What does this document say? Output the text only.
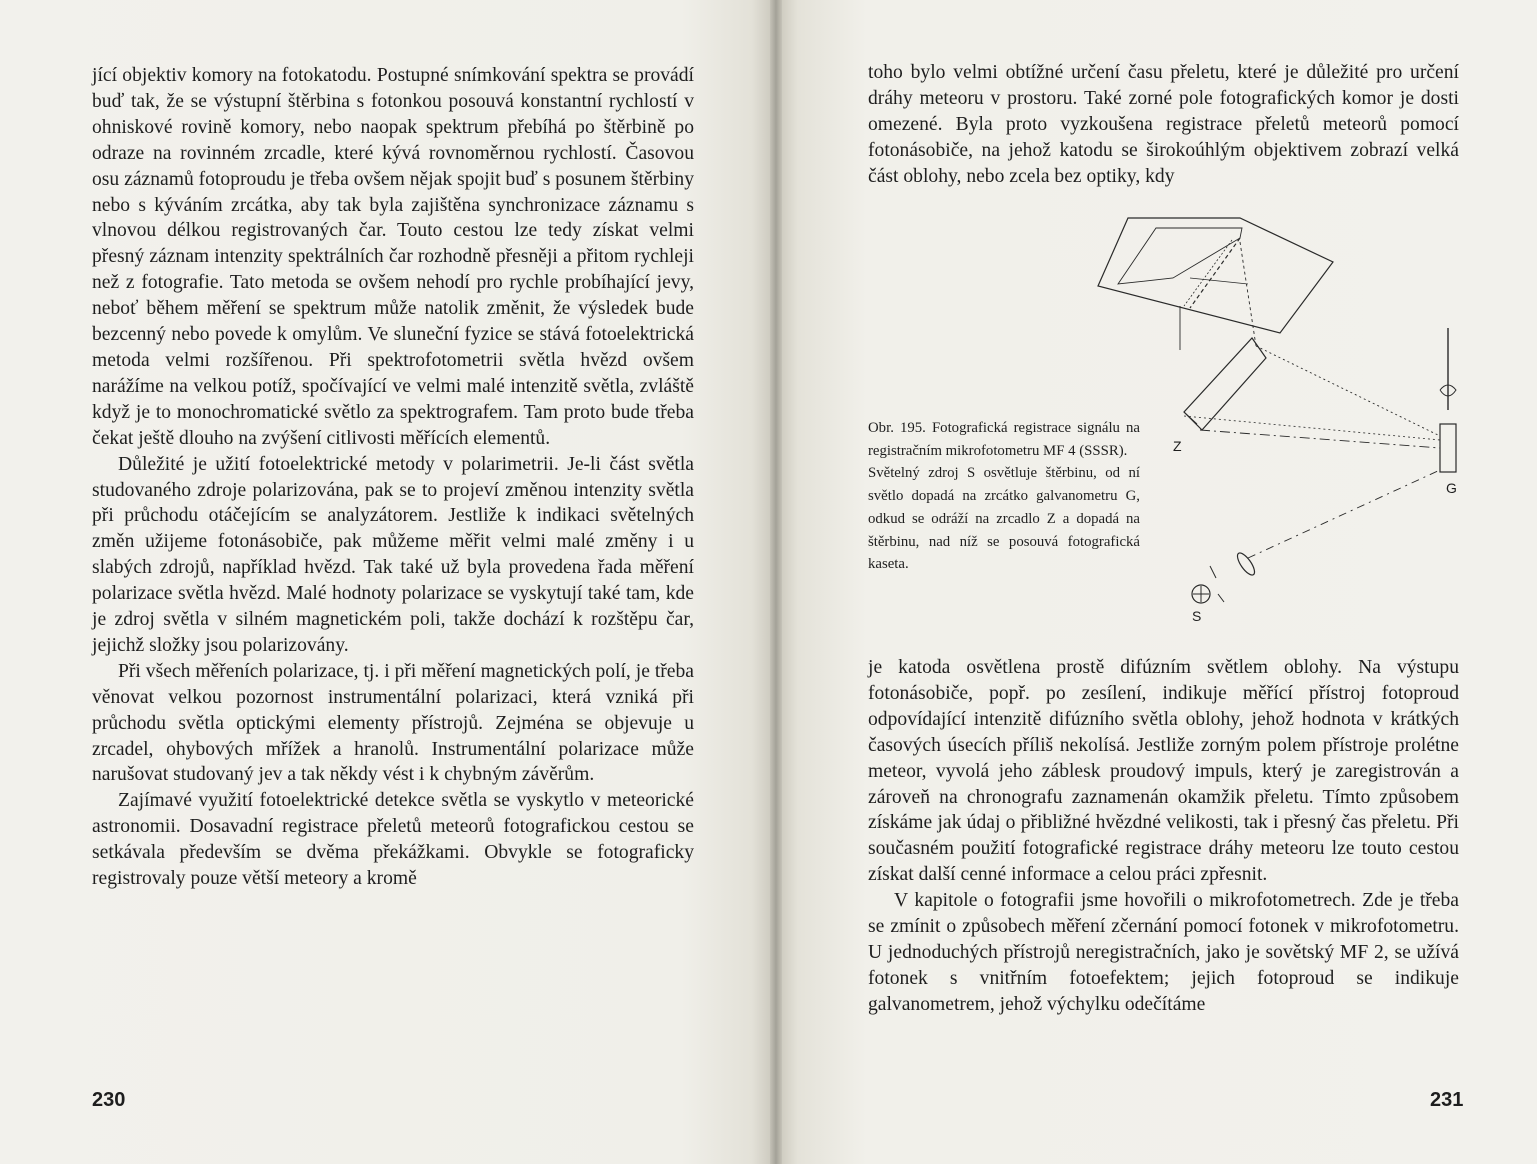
jící objektiv komory na fotokatodu. Postupné snímkování spektra se provádí buď tak, že se výstupní štěrbina s fotonkou posouvá konstantní rychlostí v ohniskové rovině komory, nebo naopak spektrum přebíhá po štěrbině po odraze na rovinném zrcadle, které kývá rovnoměrnou rychlostí. Časovou osu záznamů fotoproudu je třeba ovšem nějak spojit buď s posunem štěrbiny nebo s kýváním zrcátka, aby tak byla zajištěna synchronizace záznamu s vlnovou délkou registrovaných čar. Touto cestou lze tedy získat velmi přesný záznam intenzity spektrálních čar rozhodně přesněji a přitom rychleji než z fotografie. Tato metoda se ovšem nehodí pro rychle probíhající jevy, neboť během měření se spektrum může natolik změnit, že výsledek bude bezcenný nebo povede k omylům. Ve sluneční fyzice se stává fotoelektrická metoda velmi rozšířenou. Při spektrofotometrii světla hvězd ovšem narážíme na velkou potíž, spočívající ve velmi malé intenzitě světla, zvláště když je to monochromatické světlo za spektrografem. Tam proto bude třeba čekat ještě dlouho na zvýšení citlivosti měřících elementů.

Důležité je užití fotoelektrické metody v polarimetrii. Je-li část světla studovaného zdroje polarizována, pak se to projeví změnou intenzity světla při průchodu otáčejícím se analyzátorem. Jestliže k indikaci světelných změn užijeme fotonásobiče, pak můžeme měřit velmi malé změny i u slabých zdrojů, například hvězd. Tak také už byla provedena řada měření polarizace světla hvězd. Malé hodnoty polarizace se vyskytují také tam, kde je zdroj světla v silném magnetickém poli, takže dochází k rozštěpu čar, jejichž složky jsou polarizovány.

Při všech měřeních polarizace, tj. i při měření magnetických polí, je třeba věnovat velkou pozornost instrumentální polarizaci, která vzniká při průchodu světla optickými elementy přístrojů. Zejména se objevuje u zrcadel, ohybových mřížek a hranolů. Instrumentální polarizace může narušovat studovaný jev a tak někdy vést i k chybným závěrům.

Zajímavé využití fotoelektrické detekce světla se vyskytlo v meteorické astronomii. Dosavadní registrace přeletů meteorů fotografickou cestou se setkávala především se dvěma překážkami. Obvykle se fotograficky registrovaly pouze větší meteory a kromě

230

toho bylo velmi obtížné určení času přeletu, které je důležité pro určení dráhy meteoru v prostoru. Také zorné pole fotografických komor je dosti omezené. Byla proto vyzkoušena registrace přeletů meteorů pomocí fotonásobiče, na jehož katodu se širokoúhlým objektivem zobrazí velká část oblohy, nebo zcela bez optiky, kdy

Obr. 195. Fotografická registrace signálu na registračním mikrofotometru MF 4 (SSSR).

Světelný zdroj S osvětluje štěrbinu, od ní světlo dopadá na zrcátko galvanometru G, odkud se odráží na zrcadlo Z a dopadá na štěrbinu, nad níž se posouvá fotografická kaseta.

Z
G
S

je katoda osvětlena prostě difúzním světlem oblohy. Na výstupu fotonásobiče, popř. po zesílení, indikuje měřící přístroj fotoproud odpovídající intenzitě difúzního světla oblohy, jehož hodnota v krátkých časových úsecích příliš nekolísá. Jestliže zorným polem přístroje prolétne meteor, vyvolá jeho záblesk proudový impuls, který je zaregistrován a zároveň na chronografu zaznamenán okamžik přeletu. Tímto způsobem získáme jak údaj o přibližné hvězdné velikosti, tak i přesný čas přeletu. Při současném použití fotografické registrace dráhy meteoru lze touto cestou získat další cenné informace a celou práci zpřesnit.

V kapitole o fotografii jsme hovořili o mikrofotometrech. Zde je třeba se zmínit o způsobech měření zčernání pomocí fotonek v mikrofotometru. U jednoduchých přístrojů neregistračních, jako je sovětský MF 2, se užívá fotonek s vnitřním fotoefektem; jejich fotoproud se indikuje galvanometrem, jehož výchylku odečítáme

231
